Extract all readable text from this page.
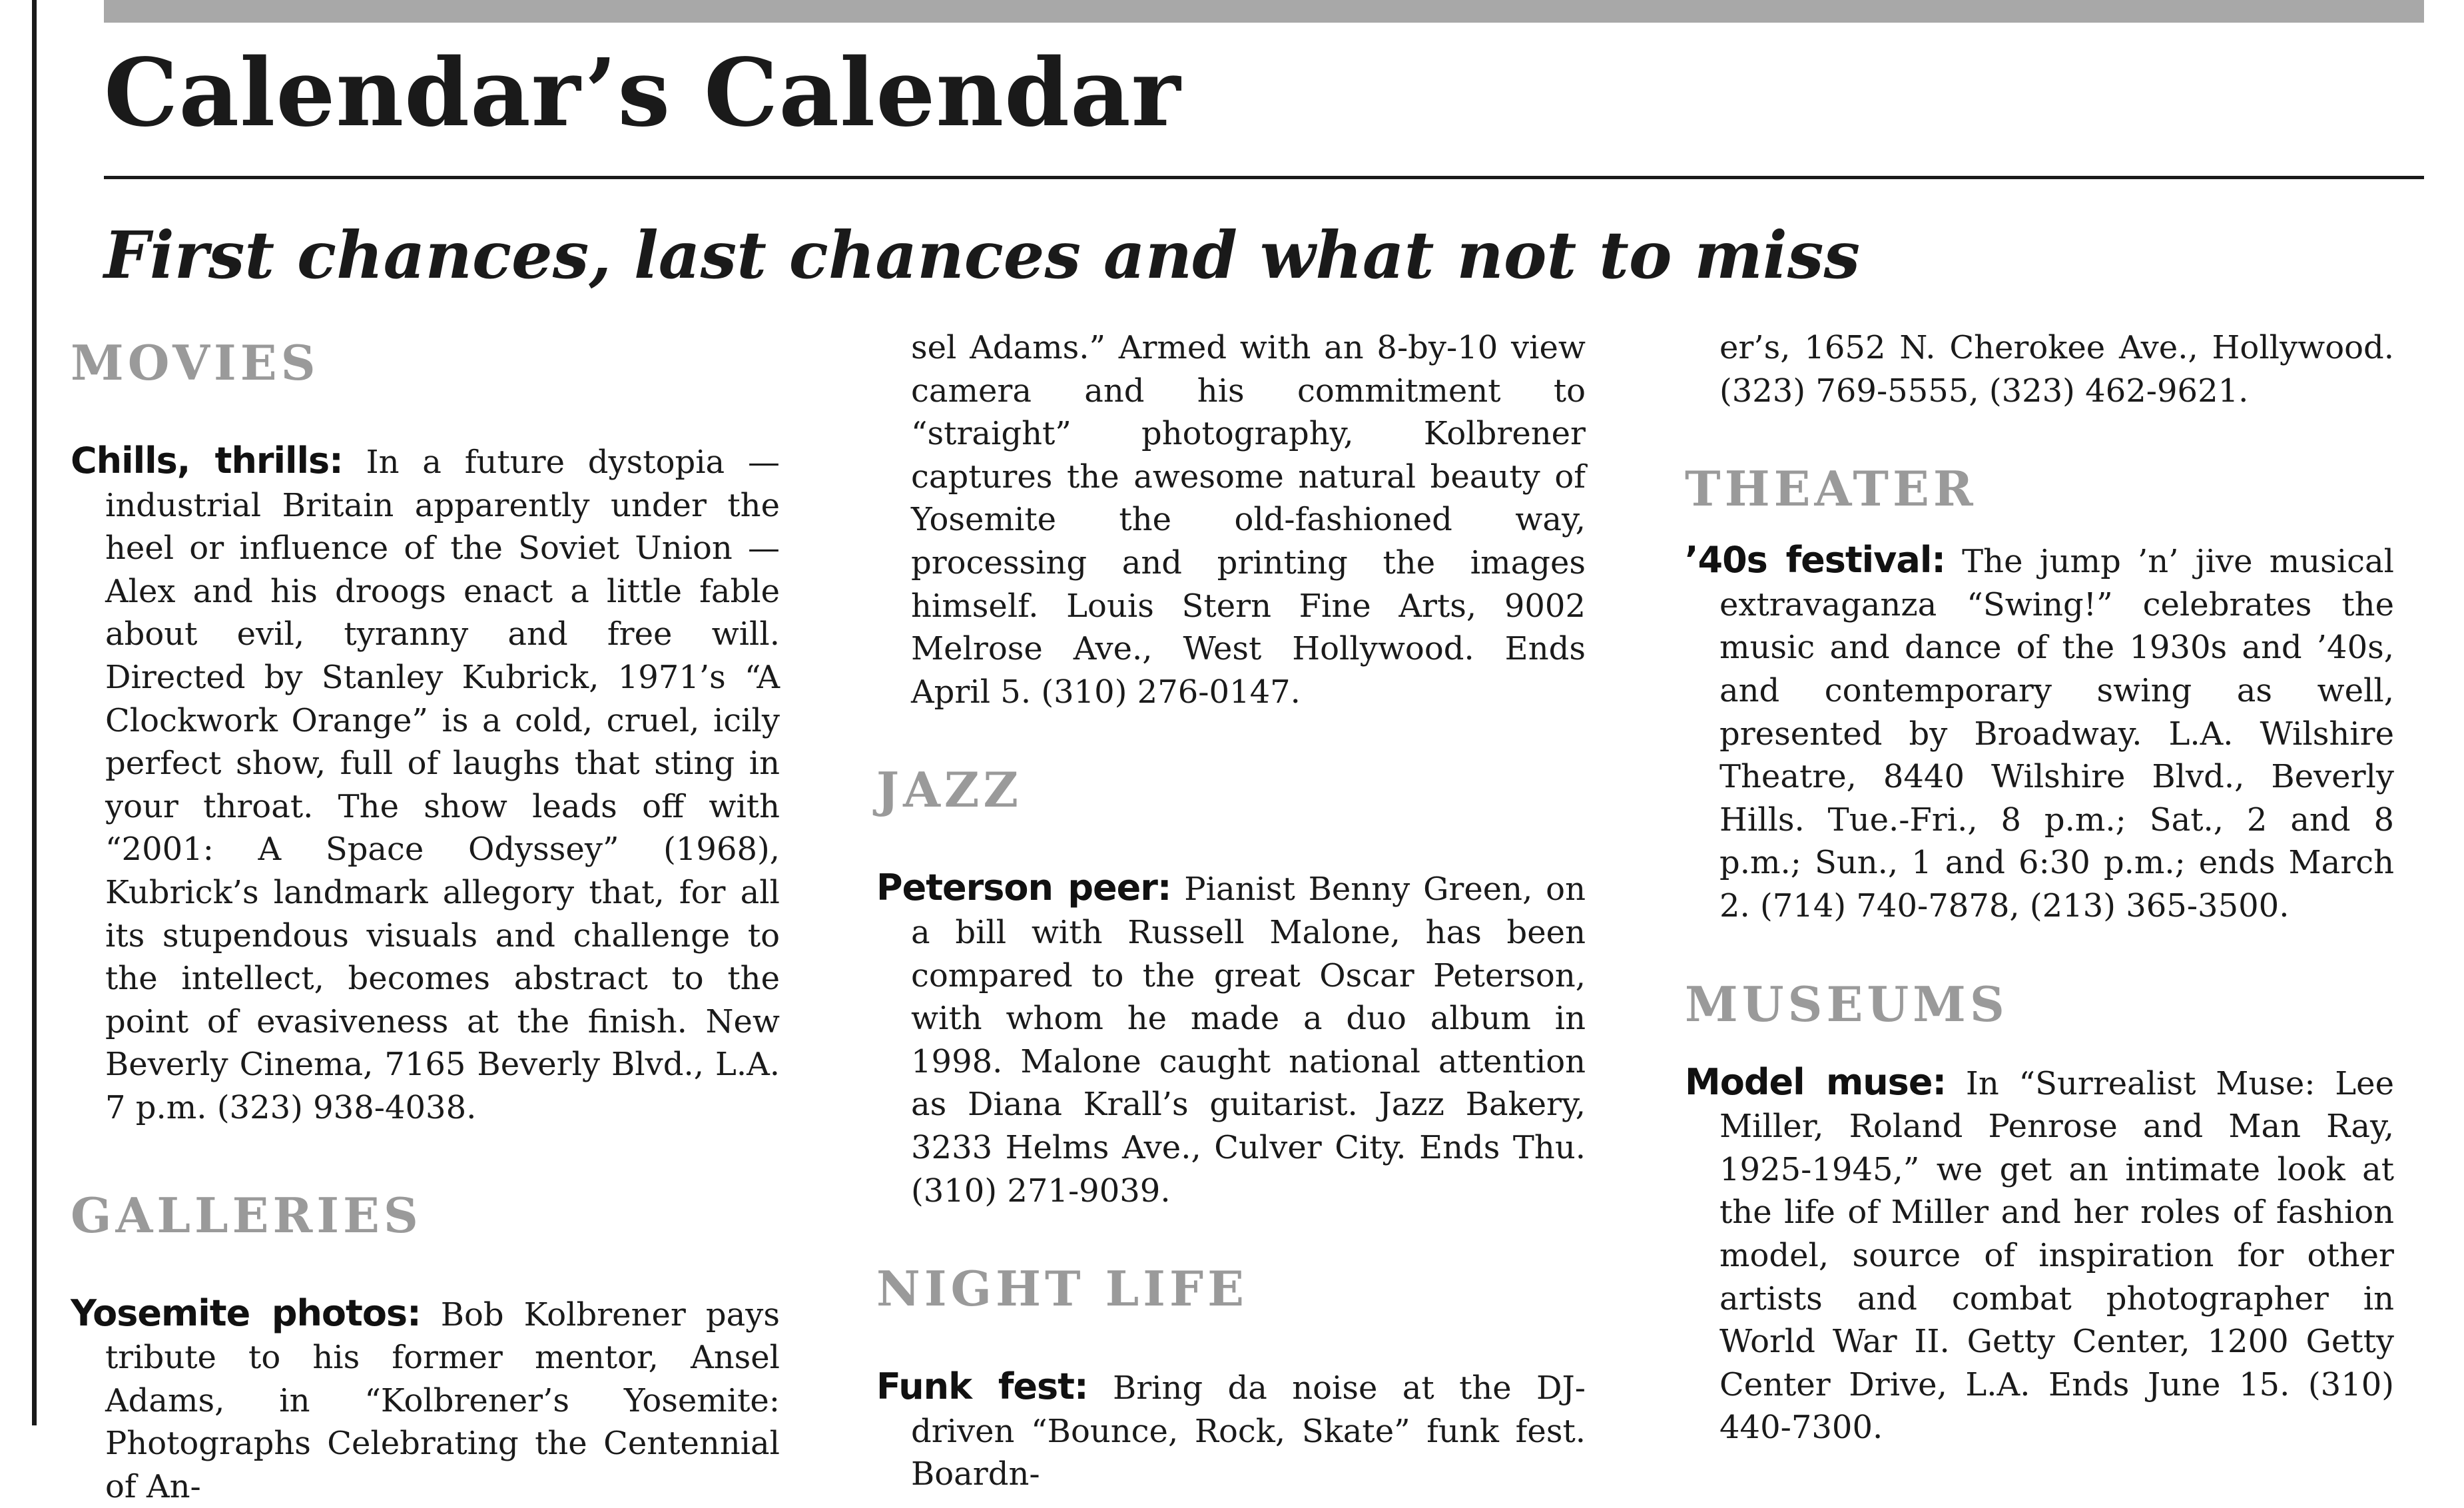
Calendar’s Calendar
First chances, last chances and what not to miss
MOVIES

Chills, thrills: In a future dystopia — industrial Britain apparently under the heel or influence of the Soviet Union — Alex and his droogs enact a little fable about evil, tyranny and free will. Directed by Stanley Kubrick, 1971’s “A Clockwork Orange” is a cold, cruel, icily perfect show, full of laughs that sting in your throat. The show leads off with “2001: A Space Odyssey” (1968), Kubrick’s landmark allegory that, for all its stupendous visuals and challenge to the intellect, becomes abstract to the point of evasiveness at the finish. New Beverly Cinema, 7165 Beverly Blvd., L.A. 7 p.m. (323) 938-4038.

GALLERIES

Yosemite photos: Bob Kolbrener pays tribute to his former mentor, Ansel Adams, in “Kolbrener’s Yosemite: Photographs Celebrating the Centennial of An-

sel Adams.” Armed with an 8-by-10 view camera and his commitment to “straight” photography, Kolbrener captures the awesome natural beauty of Yosemite the old-fashioned way, processing and printing the images himself. Louis Stern Fine Arts, 9002 Melrose Ave., West Hollywood. Ends April 5. (310) 276-0147.

JAZZ

Peterson peer: Pianist Benny Green, on a bill with Russell Malone, has been compared to the great Oscar Peterson, with whom he made a duo album in 1998. Malone caught national attention as Diana Krall’s guitarist. Jazz Bakery, 3233 Helms Ave., Culver City. Ends Thu. (310) 271-9039.

NIGHT LIFE

Funk fest: Bring da noise at the DJ-driven “Bounce, Rock, Skate” funk fest. Boardn-

er’s, 1652 N. Cherokee Ave., Hollywood. (323) 769-5555, (323) 462-9621.

THEATER

’40s festival: The jump ’n’ jive musical extravaganza “Swing!” celebrates the music and dance of the 1930s and ’40s, and contemporary swing as well, presented by Broadway. L.A. Wilshire Theatre, 8440 Wilshire Blvd., Beverly Hills. Tue.-Fri., 8 p.m.; Sat., 2 and 8 p.m.; Sun., 1 and 6:30 p.m.; ends March 2. (714) 740-7878, (213) 365-3500.

MUSEUMS

Model muse: In “Surrealist Muse: Lee Miller, Roland Penrose and Man Ray, 1925-1945,” we get an intimate look at the life of Miller and her roles of fashion model, source of inspiration for other artists and combat photographer in World War II. Getty Center, 1200 Getty Center Drive, L.A. Ends June 15. (310) 440-7300.
